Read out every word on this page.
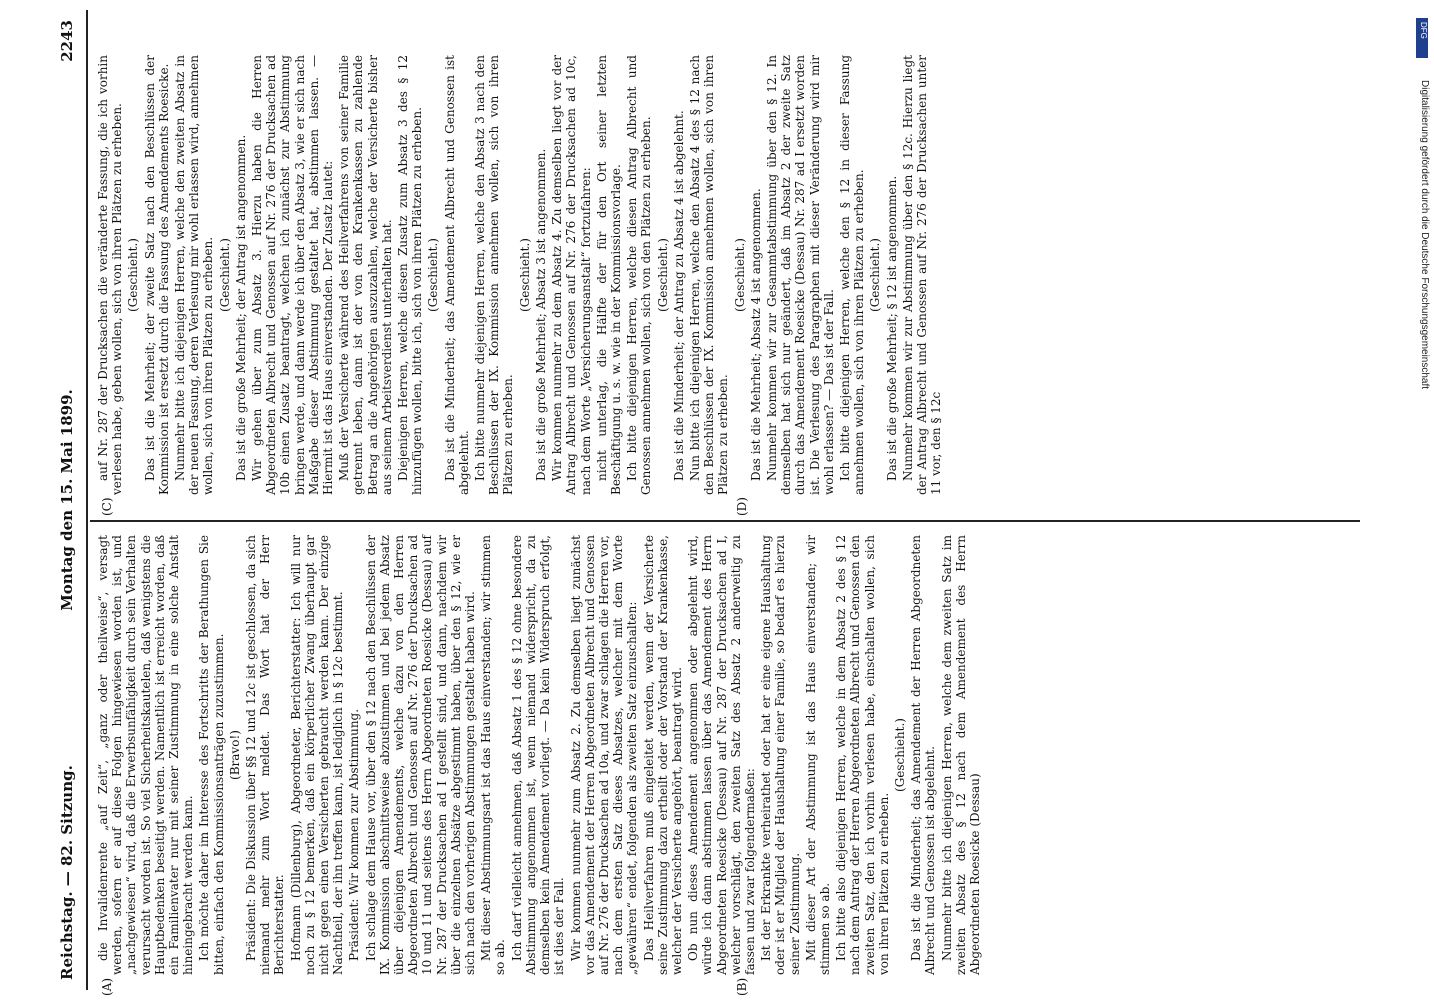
Reichstag. — 82. Sitzung.
Montag den 15. Mai 1899.
2243
(A)	(B)
(C)	(D)

die Invalidenrente „auf Zeit“, „ganz oder theilweise“, versagt werden, sofern er auf diese Folgen hingewiesen worden ist, und „nachgewiesen“ wird, daß die Erwerbsunfähigkeit durch sein Verhalten verursacht worden ist. So viel Sicherheitskautelen, daß wenigstens die Hauptbedenken beseitigt werden. Namentlich ist erreicht worden, daß ein Familienvater nur mit seiner Zustimmung in eine solche Anstalt hineingebracht werden kann. Ich möchte daher im Interesse des Fortschritts der Berathungen Sie bitten, einfach den Kommissionsanträgen zuzustimmen. (Bravo!) Präsident: Die Diskussion über §§ 12 und 12c ist geschlossen, da sich niemand mehr zum Wort meldet. Das Wort hat der Herr Berichterstatter. Hofmann (Dillenburg), Abgeordneter, Berichterstatter: Ich will nur noch zu § 12 bemerken, daß ein körperlicher Zwang überhaupt gar nicht gegen einen Versicherten gebraucht werden kann. Der einzige Nachtheil, der ihn treffen kann, ist lediglich in § 12c bestimmt. Präsident: Wir kommen zur Abstimmung. Ich schlage dem Hause vor, über den § 12 nach den Beschlüssen der IX. Kommission abschnittsweise abzustimmen und bei jedem Absatz über diejenigen Amendements, welche dazu von den Herren Abgeordneten Albrecht und Genossen auf Nr. 276 der Drucksachen ad 10 und 11 und seitens des Herrn Abgeordneten Roesicke (Dessau) auf Nr. 287 der Drucksachen ad I gestellt sind, und dann, nachdem wir über die einzelnen Absätze abgestimmt haben, über den § 12, wie er sich nach den vorherigen Abstimmungen gestaltet haben wird. Mit dieser Abstimmungsart ist das Haus einverstanden; wir stimmen so ab. Ich darf vielleicht annehmen, daß Absatz 1 des § 12 ohne besondere Abstimmung angenommen ist, wenn niemand widerspricht, da zu demselben kein Amendement vorliegt. — Da kein Widerspruch erfolgt, ist dies der Fall. Wir kommen nunmehr zum Absatz 2. Zu demselben liegt zunächst vor das Amendement der Herren Abgeordneten Albrecht und Genossen auf Nr. 276 der Drucksachen ad 10a, und zwar schlagen die Herren vor, nach dem ersten Satz dieses Absatzes, welcher mit dem Worte „gewähren“ endet, folgenden als zweiten Satz einzuschalten: Das Heilverfahren muß eingeleitet werden, wenn der Versicherte seine Zustimmung dazu ertheilt oder der Vorstand der Krankenkasse, welcher der Versicherte angehört, beantragt wird. Ob nun dieses Amendement angenommen oder abgelehnt wird, würde ich dann abstimmen lassen über das Amendement des Herrn Abgeordneten Roesicke (Dessau) auf Nr. 287 der Drucksachen ad I, welcher vorschlägt, den zweiten Satz des Absatz 2 anderweitig zu fassen und zwar folgendermaßen: Ist der Erkrankte verheirathet oder hat er eine eigene Haushaltung oder ist er Mitglied der Haushaltung einer Familie, so bedarf es hierzu seiner Zustimmung. Mit dieser Art der Abstimmung ist das Haus einverstanden; wir stimmen so ab. Ich bitte also diejenigen Herren, welche in dem Absatz 2 des § 12 nach dem Antrag der Herren Abgeordneten Albrecht und Genossen den zweiten Satz, den ich vorhin verlesen habe, einschalten wollen, sich von ihren Plätzen zu erheben.

(Geschieht.) Das ist die Minderheit; das Amendement der Herren Abgeordneten Albrecht und Genossen ist abgelehnt. Nunmehr bitte ich diejenigen Herren, welche dem zweiten Satz im zweiten Absatz des § 12 nach dem Amendement des Herrn Abgeordneten Roesicke (Dessau)

auf Nr. 287 der Drucksachen die veränderte Fassung, die ich vorhin verlesen habe, geben wollen, sich von ihren Plätzen zu erheben. (Geschieht.) Das ist die Mehrheit; der zweite Satz nach den Beschlüssen der Kommission ist ersetzt durch die Fassung des Amendements Roesicke. Nunmehr bitte ich diejenigen Herren, welche den zweiten Absatz in der neuen Fassung, deren Verlesung mir wohl erlassen wird, annehmen wollen, sich von ihren Plätzen zu erheben. (Geschieht.) Das ist die große Mehrheit; der Antrag ist angenommen. Wir gehen über zum Absatz 3. Hierzu haben die Herren Abgeordneten Albrecht und Genossen auf Nr. 276 der Drucksachen ad 10b einen Zusatz beantragt, welchen ich zunächst zur Abstimmung bringen werde, und dann werde ich über den Absatz 3, wie er sich nach Maßgabe dieser Abstimmung gestaltet hat, abstimmen lassen. — Hiermit ist das Haus einverstanden. Der Zusatz lautet: Muß der Versicherte während des Heilverfahrens von seiner Familie getrennt leben, dann ist der von den Krankenkassen zu zahlende Betrag an die Angehörigen auszuzahlen, welche der Versicherte bisher aus seinem Arbeitsverdienst unterhalten hat. Diejenigen Herren, welche diesen Zusatz zum Absatz 3 des § 12 hinzufügen wollen, bitte ich, sich von ihren Plätzen zu erheben. (Geschieht.) Das ist die Minderheit; das Amendement Albrecht und Genossen ist abgelehnt. Ich bitte nunmehr diejenigen Herren, welche den Absatz 3 nach den Beschlüssen der IX. Kommission annehmen wollen, sich von ihren Plätzen zu erheben.

(Geschieht.) Das ist die große Mehrheit; Absatz 3 ist angenommen. Wir kommen nunmehr zu dem Absatz 4. Zu demselben liegt vor der Antrag Albrecht und Genossen auf Nr. 276 der Drucksachen ad 10c, nach dem Worte „Versicherungsanstalt“ fortzufahren: nicht unterlag, die Hälfte der für den Ort seiner letzten Beschäftigung u. s. w. wie in der Kommissionsvorlage. Ich bitte diejenigen Herren, welche diesen Antrag Albrecht und Genossen annehmen wollen, sich von den Plätzen zu erheben. (Geschieht.) Das ist die Minderheit; der Antrag zu Absatz 4 ist abgelehnt. Nun bitte ich diejenigen Herren, welche den Absatz 4 des § 12 nach den Beschlüssen der IX. Kommission annehmen wollen, sich von ihren Plätzen zu erheben.

(Geschieht.) Das ist die Mehrheit; Absatz 4 ist angenommen. Nunmehr kommen wir zur Gesammtabstimmung über den § 12. In demselben hat sich nur geändert, daß im Absatz 2 der zweite Satz durch das Amendement Roesicke (Dessau) Nr. 287 ad I ersetzt worden ist. Die Verlesung des Paragraphen mit dieser Veränderung wird mir wohl erlassen? — Das ist der Fall. Ich bitte diejenigen Herren, welche den § 12 in dieser Fassung annehmen wollen, sich von ihren Plätzen zu erheben. (Geschieht.) Das ist die große Mehrheit; § 12 ist angenommen. Nunmehr kommen wir zur Abstimmung über den § 12c. Hierzu liegt der Antrag Albrecht und Genossen auf Nr. 276 der Drucksachen unter 11 vor, den § 12c

DFG
Digitalisierung gefördert durch die Deutsche Forschungsgemeinschaft
